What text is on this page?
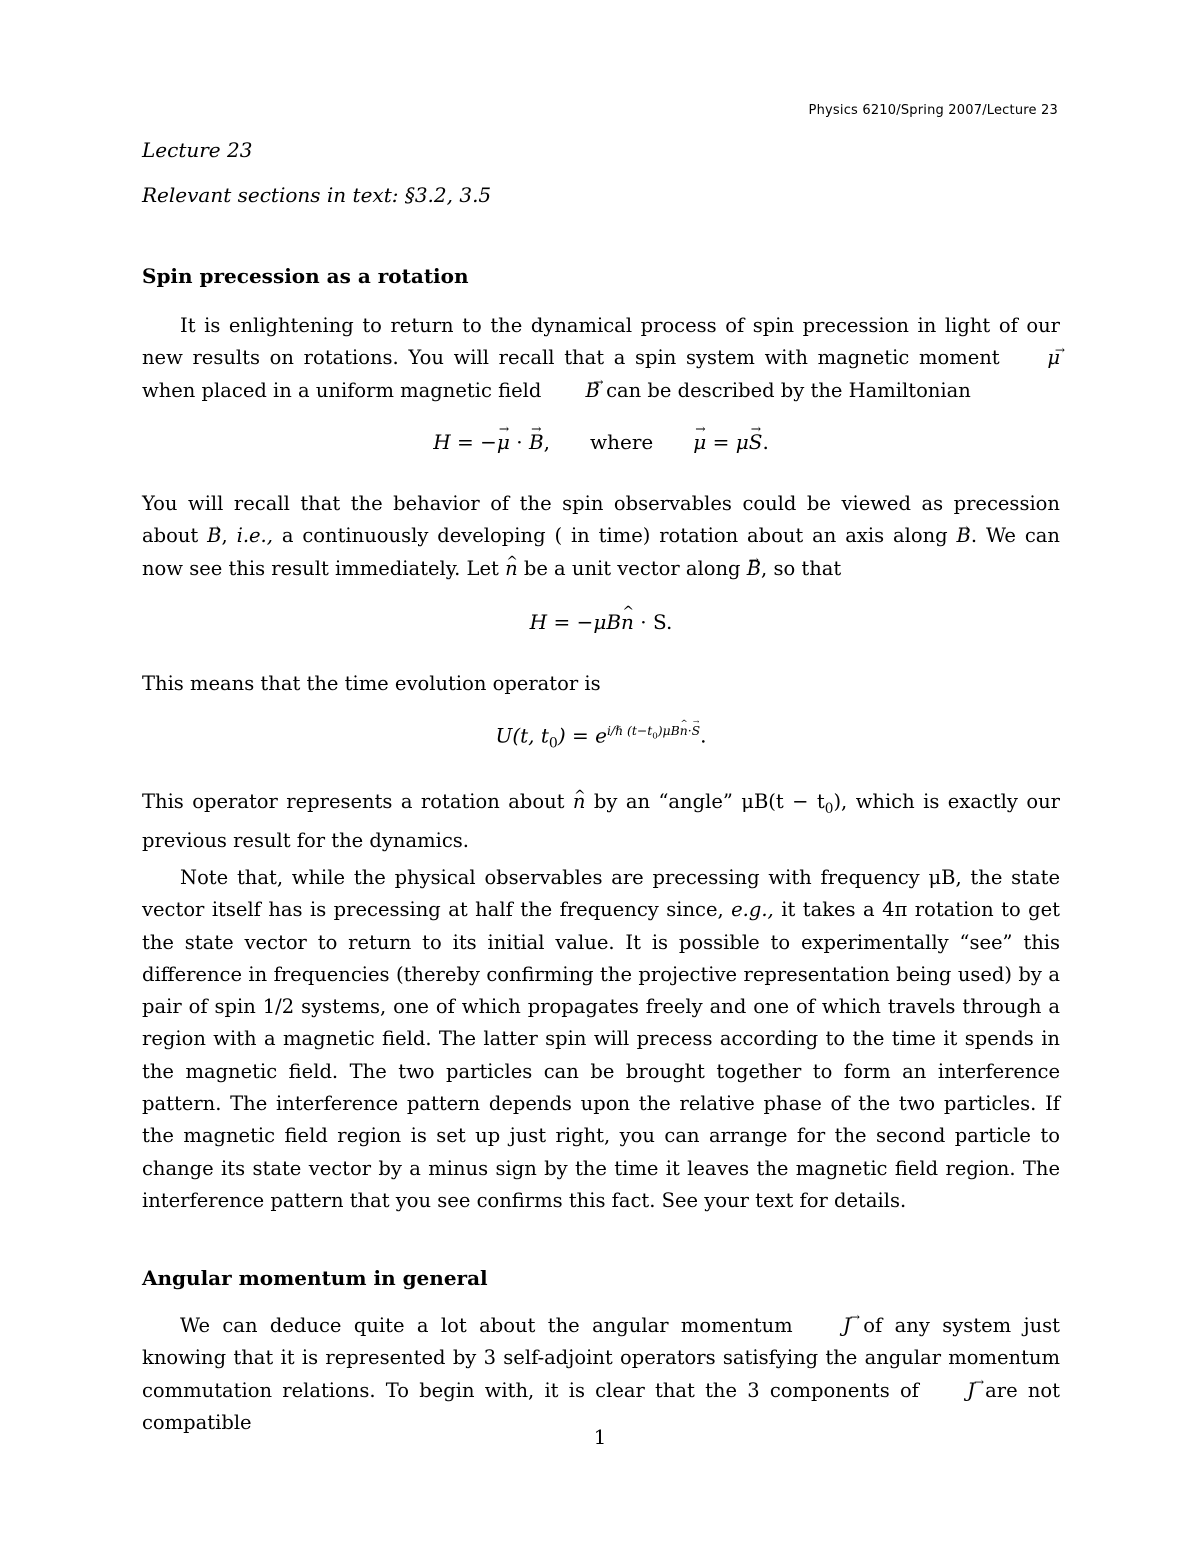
Physics 6210/Spring 2007/Lecture 23
Lecture 23
Relevant sections in text: §3.2, 3.5
Spin precession as a rotation

It is enlightening to return to the dynamical process of spin precession in light of our new results on rotations. You will recall that a spin system with magnetic moment → μ when placed in a uniform magnetic field → B can be described by the Hamiltonian

H = −→ μ · → B, where→ μ = μ→ S.

You will recall that the behavior of the spin observables could be viewed as precession about → B, i.e., a continuously developing ( in time) rotation about an axis along → B. We can now see this result immediately. Let ^ n be a unit vector along → B, so that

H = −μB^ n · S.

This means that the time evolution operator is

U(t, $t_0) = e^{i/\hbar (t-t_0)\mu B\^{} n\cdot\to S}$.

This operator represents a rotation about ^ n by an “angle” $\mu B(t - t_0)$, which is exactly our previous result for the dynamics.

Note that, while the physical observables are precessing with frequency μB, the state vector itself has is precessing at half the frequency since, e.g., it takes a 4π rotation to get the state vector to return to its initial value. It is possible to experimentally “see” this difference in frequencies (thereby confirming the projective representation being used) by a pair of spin 1/2 systems, one of which propagates freely and one of which travels through a region with a magnetic field. The latter spin will precess according to the time it spends in the magnetic field. The two particles can be brought together to form an interference pattern. The interference pattern depends upon the relative phase of the two particles. If the magnetic field region is set up just right, you can arrange for the second particle to change its state vector by a minus sign by the time it leaves the magnetic field region. The interference pattern that you see confirms this fact. See your text for details.

Angular momentum in general

We can deduce quite a lot about the angular momentum → J of any system just knowing that it is represented by 3 self-adjoint operators satisfying the angular momentum commutation relations. To begin with, it is clear that the 3 components of → J are not compatible

1
